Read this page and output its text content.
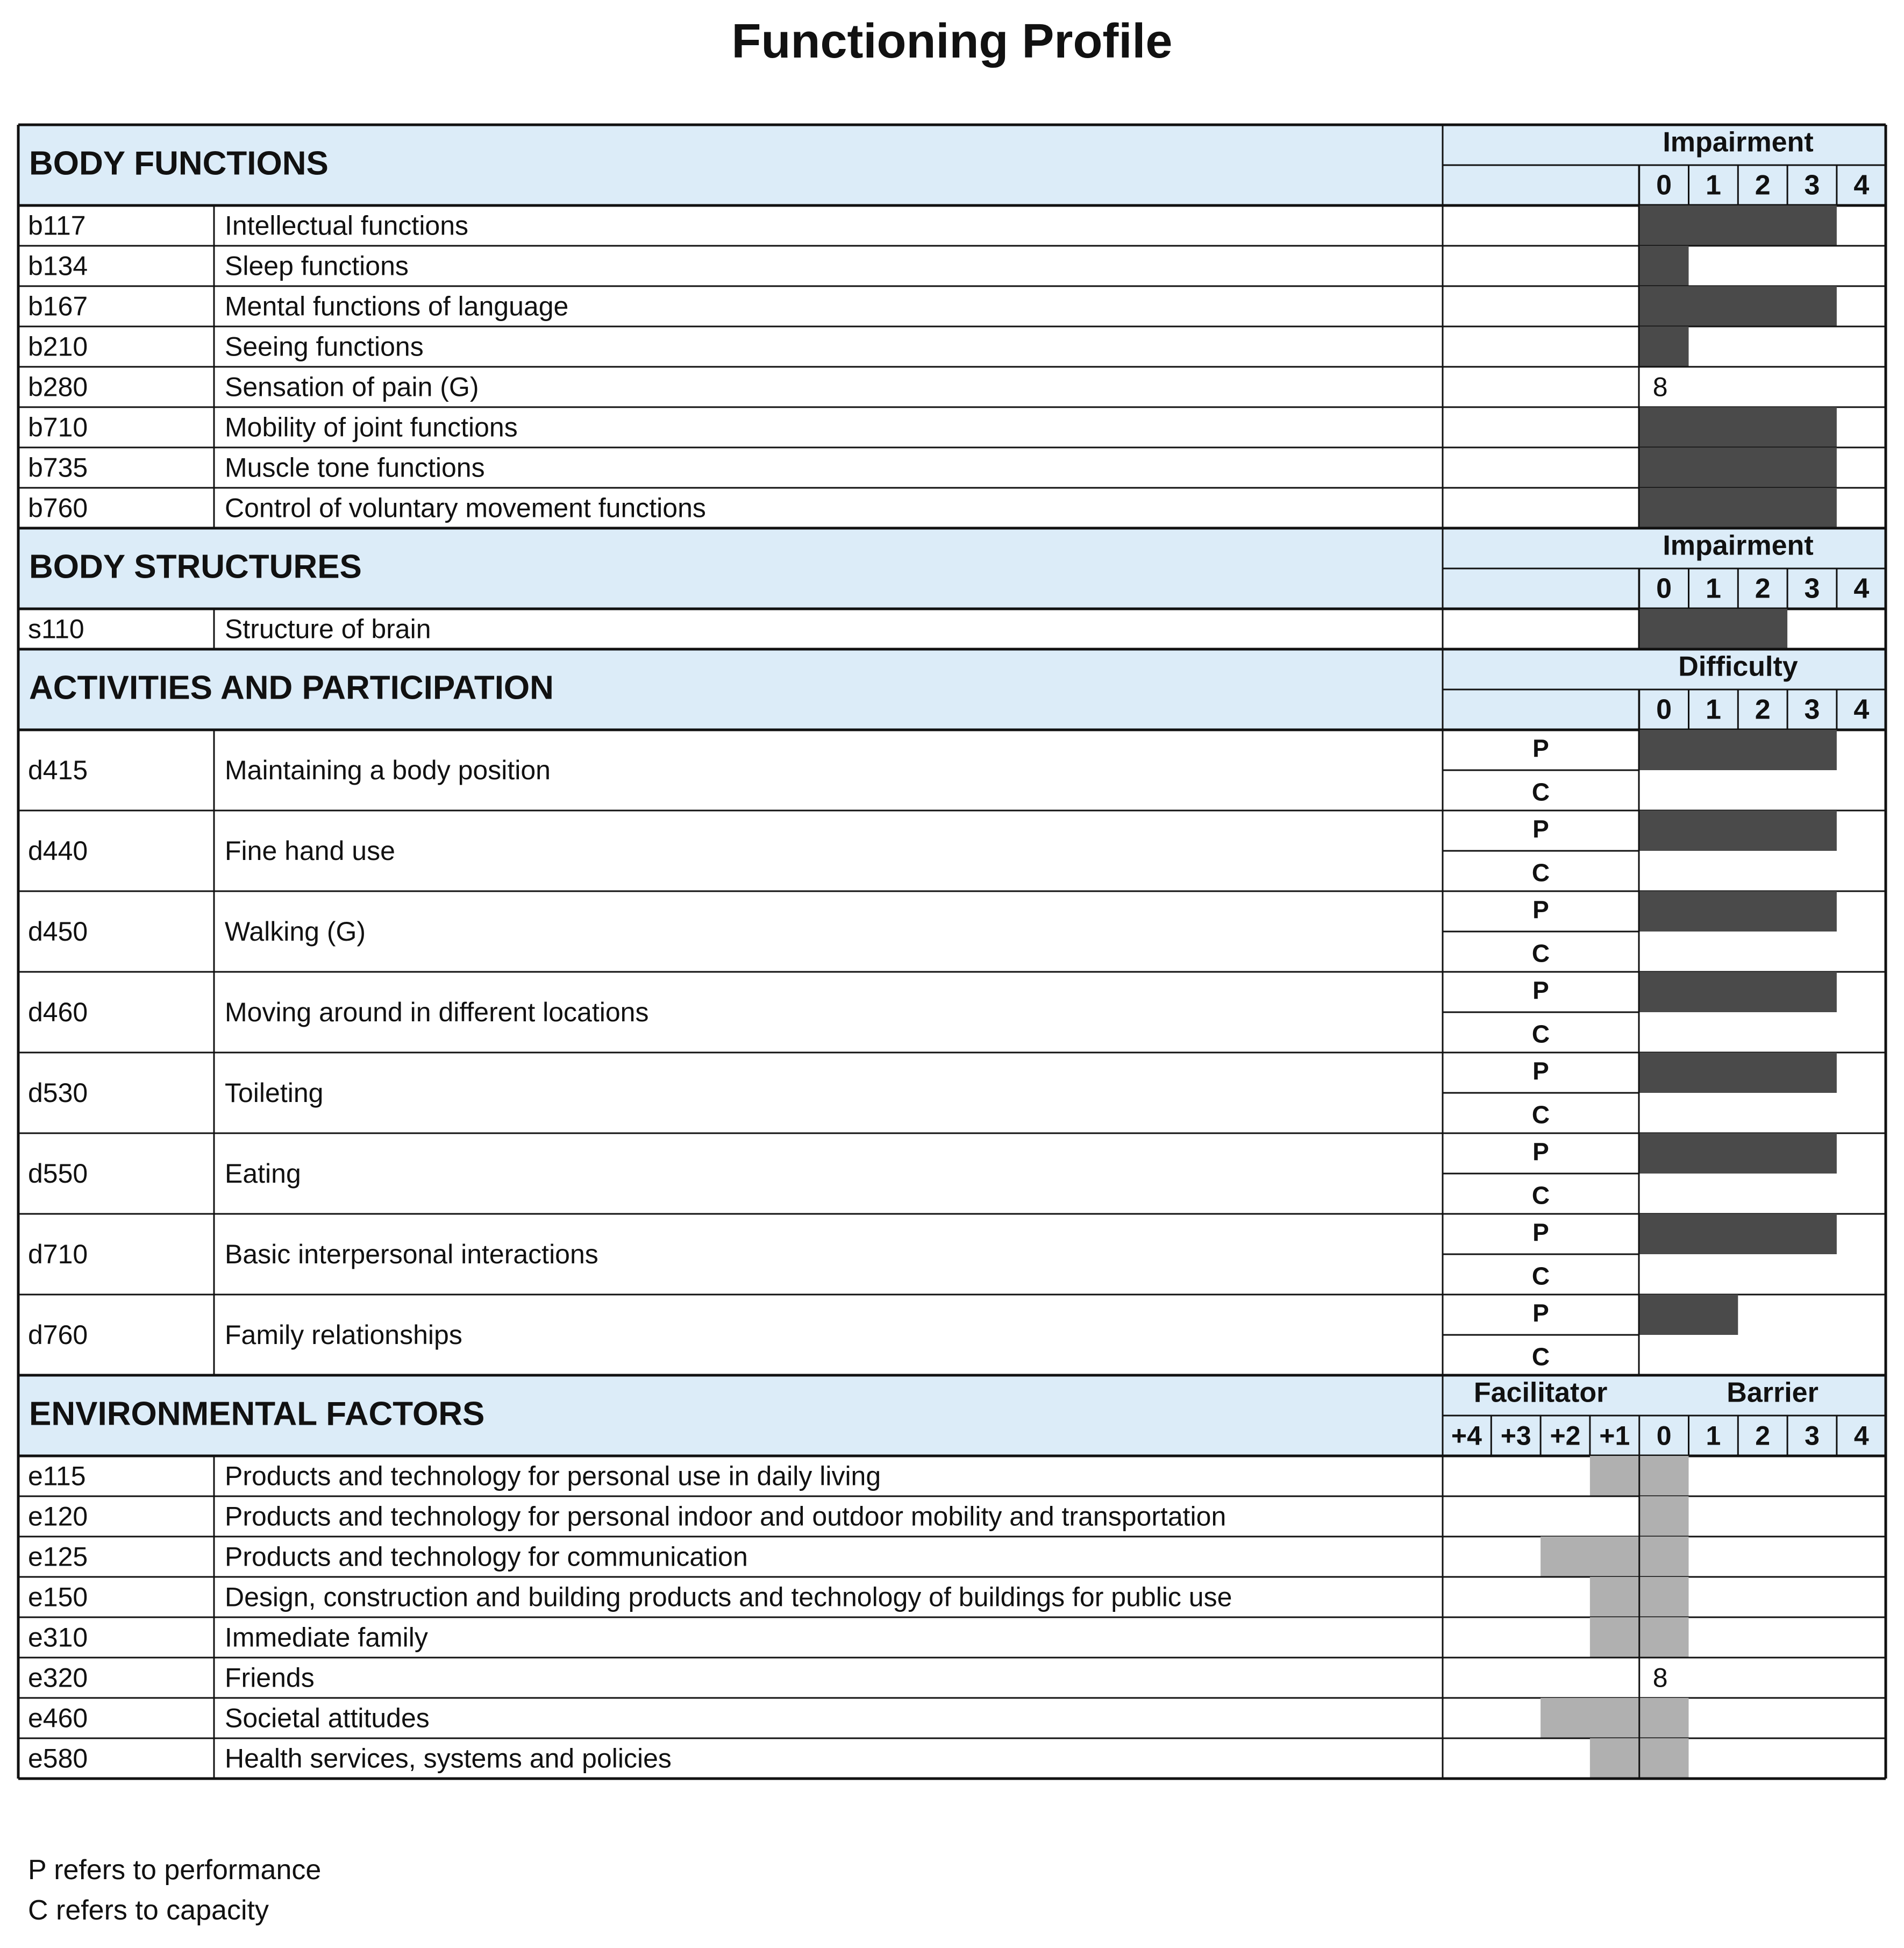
Functioning Profile
BODY FUNCTIONS
Impairment
0 1 2 3 4
b117	Intellectual functions
b134	Sleep functions
b167	Mental functions of language
b210	Seeing functions
b280	Sensation of pain (G)	8
b710	Mobility of joint functions
b735	Muscle tone functions
b760	Control of voluntary movement functions
BODY STRUCTURES
Impairment
0 1 2 3 4
s110	Structure of brain
ACTIVITIES AND PARTICIPATION
Difficulty
0 1 2 3 4
d415	Maintaining a body position
P
C
d440	Fine hand use
P
C
d450	Walking (G)
P
C
d460	Moving around in different locations
P
C
d530	Toileting
P
C
d550	Eating
P
C
d710	Basic interpersonal interactions
P
C
d760	Family relationships
P
C
ENVIRONMENTAL FACTORS
Facilitator	Barrier
+4 +3 +2 +1 0 1 2 3 4
e115	Products and technology for personal use in daily living
e120	Products and technology for personal indoor and outdoor mobility and transportation
e125	Products and technology for communication
e150	Design, construction and building products and technology of buildings for public use
e310	Immediate family
e320	Friends	8
e460	Societal attitudes
e580	Health services, systems and policies
P refers to performance
C refers to capacity
